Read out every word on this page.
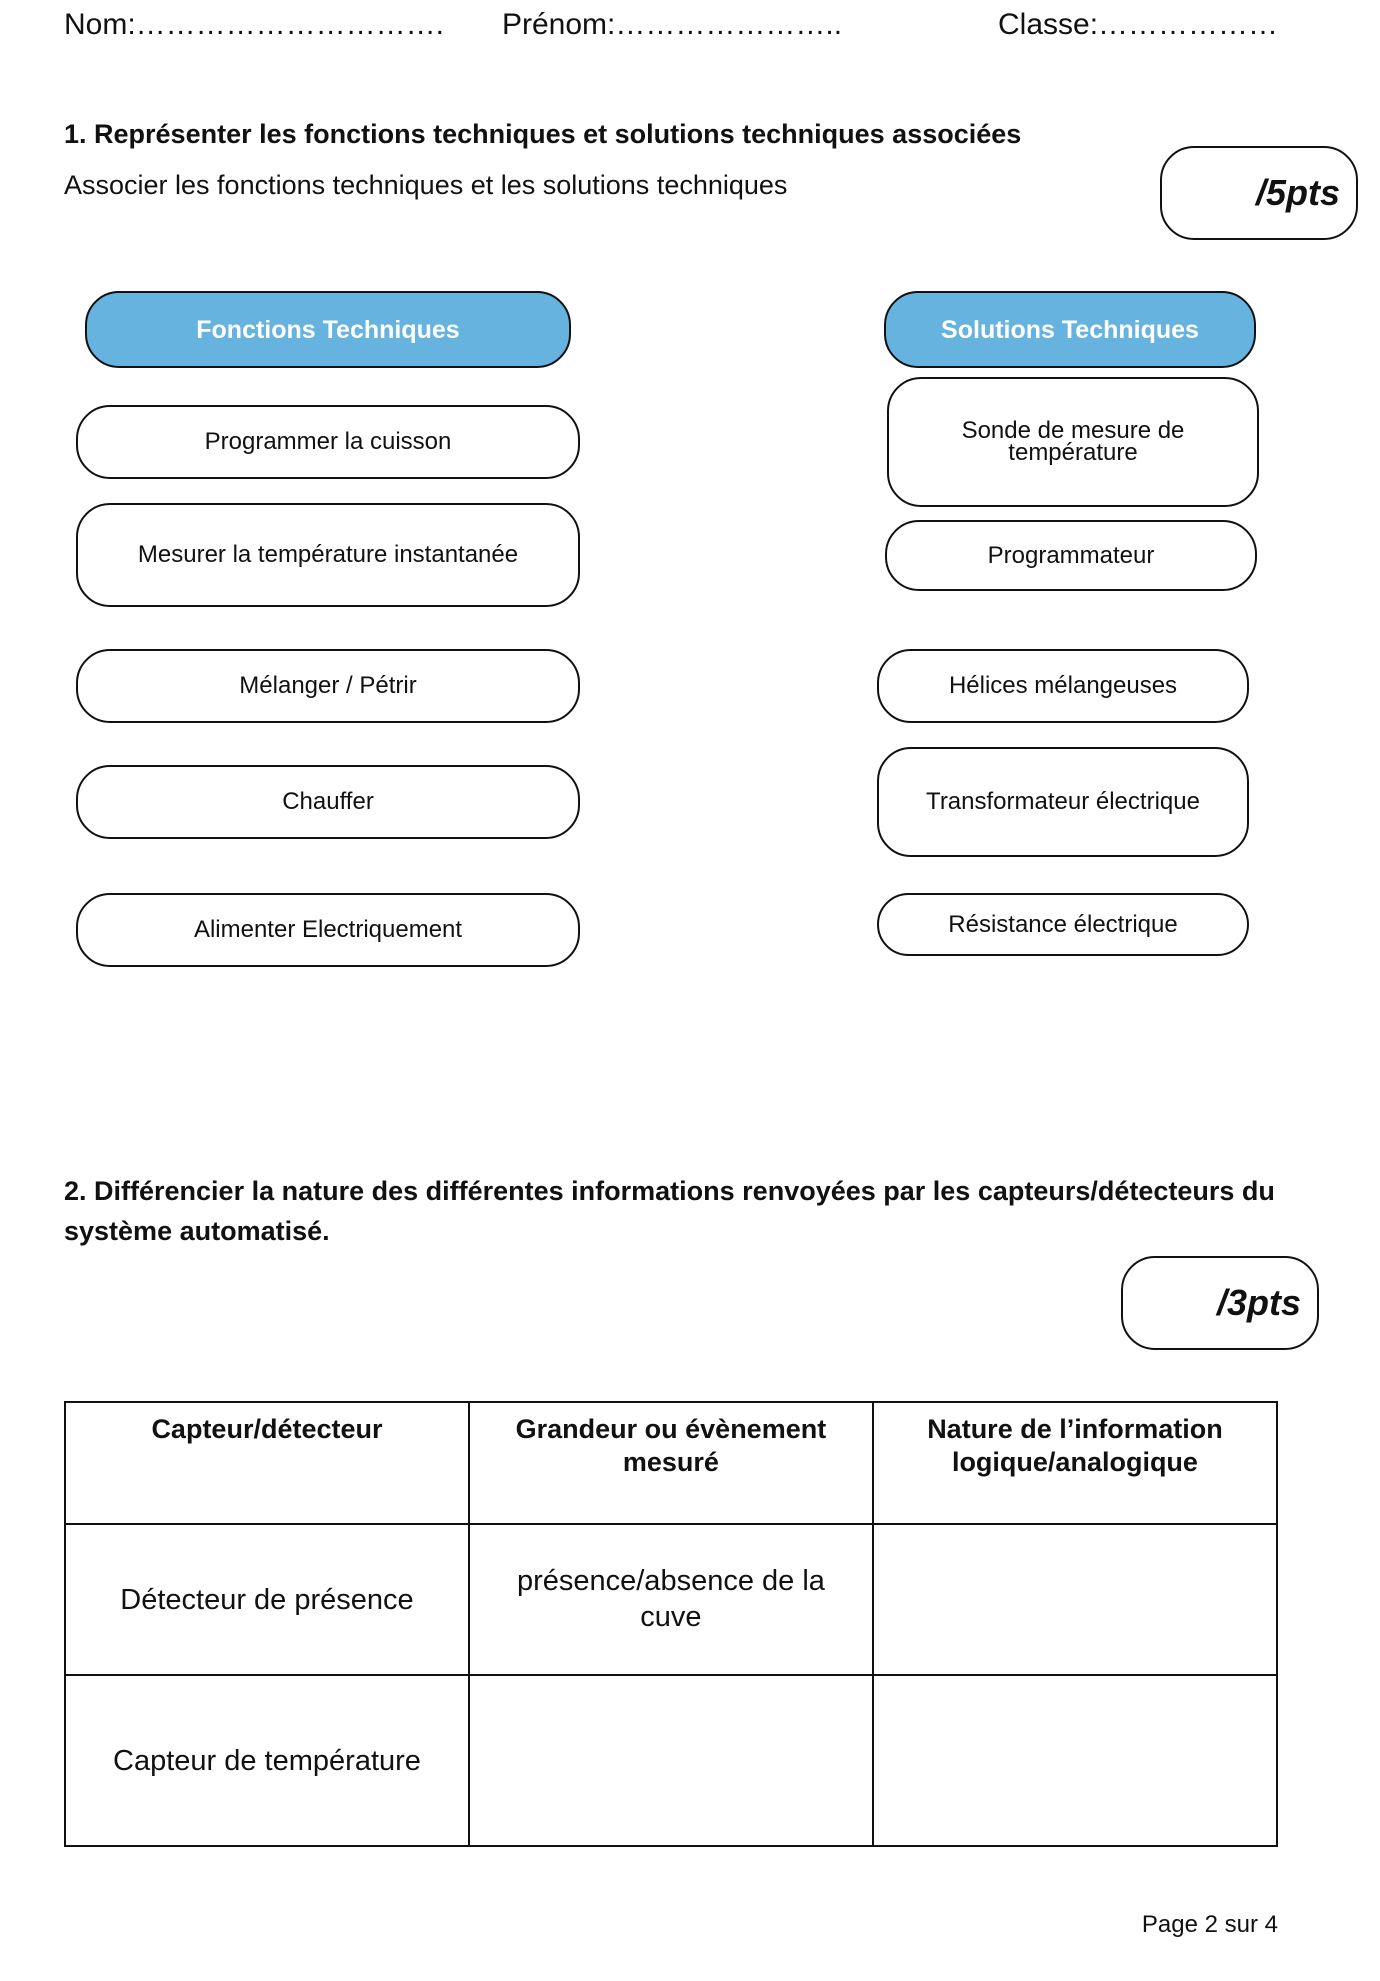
Nom:…………………………. Prénom:…………………..	Classe:………………
1. Représenter les fonctions techniques et solutions techniques associées
Associer les fonctions techniques et les solutions techniques	/5pts
Fonctions Techniques	Solutions Techniques
Programmer la cuisson
Mesurer la température instantanée
Mélanger / Pétrir
Chauffer
Alimenter Electriquement
Sonde de mesure de température
Programmateur
Hélices mélangeuses
Transformateur électrique
Résistance électrique
2. Différencier la nature des différentes informations renvoyées par les capteurs/détecteurs du système automatisé.
/3pts
Capteur/détecteur	Grandeur ou évènement mesuré	Nature de l’information logique/analogique
Détecteur de présence	présence/absence de la cuve	
Capteur de température		
Page 2 sur 4
